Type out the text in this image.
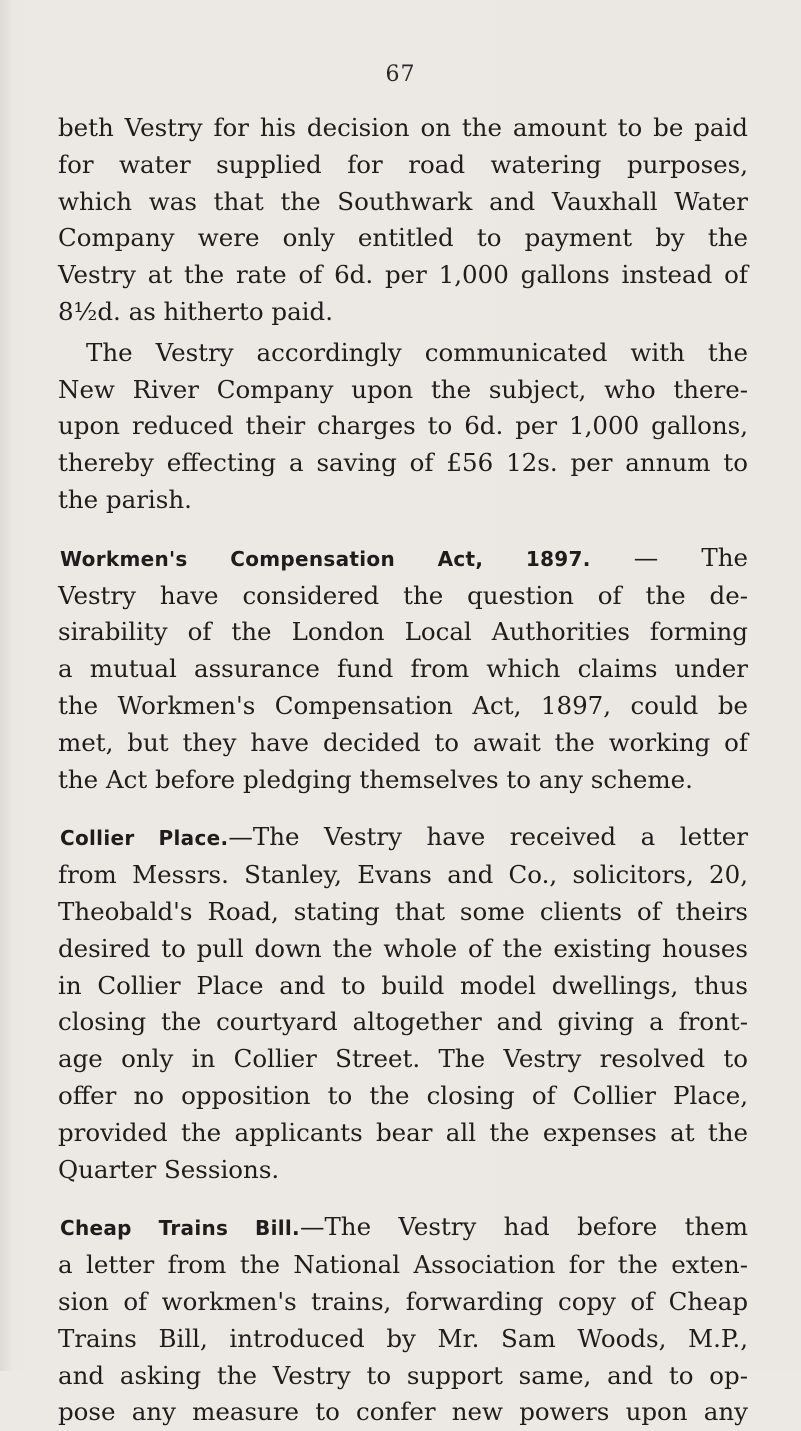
67
beth Vestry for his decision on the amount to be paid
for water supplied for road watering purposes,
which was that the Southwark and Vauxhall Water
Company were only entitled to payment by the
Vestry at the rate of 6d. per 1,000 gallons instead of
8½d. as hitherto paid.
The Vestry accordingly communicated with the
New River Company upon the subject, who there-
upon reduced their charges to 6d. per 1,000 gallons,
thereby effecting a saving of £56 12s. per annum to
the parish.
Workmen's Compensation Act, 1897. — The
Vestry have considered the question of the de-
sirability of the London Local Authorities forming
a mutual assurance fund from which claims under
the Workmen's Compensation Act, 1897, could be
met, but they have decided to await the working of
the Act before pledging themselves to any scheme.
Collier Place.—The Vestry have received a letter
from Messrs. Stanley, Evans and Co., solicitors, 20,
Theobald's Road, stating that some clients of theirs
desired to pull down the whole of the existing houses
in Collier Place and to build model dwellings, thus
closing the courtyard altogether and giving a front-
age only in Collier Street. The Vestry resolved to
offer no opposition to the closing of Collier Place,
provided the applicants bear all the expenses at the
Quarter Sessions.
Cheap Trains Bill.—The Vestry had before them
a letter from the National Association for the exten-
sion of workmen's trains, forwarding copy of Cheap
Trains Bill, introduced by Mr. Sam Woods, M.P.,
and asking the Vestry to support same, and to op-
pose any measure to confer new powers upon any
